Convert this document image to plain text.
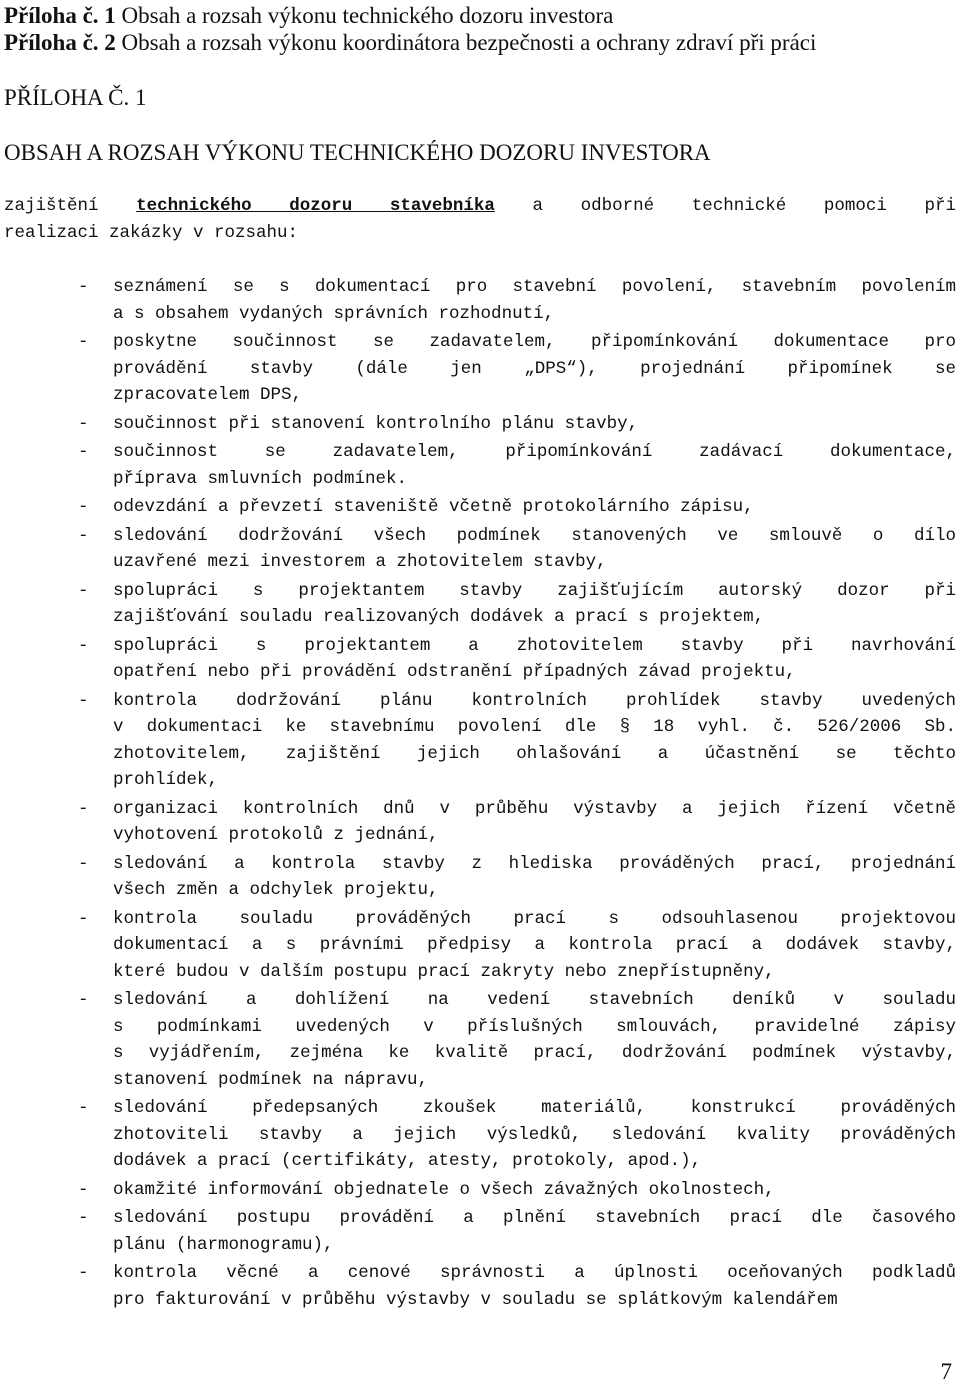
Příloha č. 1 Obsah a rozsah výkonu technického dozoru investora
Příloha č. 2 Obsah a rozsah výkonu koordinátora bezpečnosti a ochrany zdraví při práci
PŘÍLOHA Č. 1
OBSAH A ROZSAH VÝKONU TECHNICKÉHO DOZORU INVESTORA
zajištění technického dozoru stavebníka a odborné technické pomoci při
realizaci zakázky v rozsahu:
- seznámení se s dokumentací pro stavební povolení, stavebním povolením
a s obsahem vydaných správních rozhodnutí,
- poskytne součinnost se zadavatelem, připomínkování dokumentace pro
provádění stavby (dále jen „DPS“), projednání připomínek se
zpracovatelem DPS,
- součinnost při stanovení kontrolního plánu stavby,
- součinnost se zadavatelem, připomínkování zadávací dokumentace,
příprava smluvních podmínek.
- odevzdání a převzetí staveniště včetně protokolárního zápisu,
- sledování dodržování všech podmínek stanovených ve smlouvě o dílo
uzavřené mezi investorem a zhotovitelem stavby,
- spolupráci s projektantem stavby zajišťujícím autorský dozor při
zajišťování souladu realizovaných dodávek a prací s projektem,
- spolupráci s projektantem a zhotovitelem stavby při navrhování
opatření nebo při provádění odstranění případných závad projektu,
- kontrola dodržování plánu kontrolních prohlídek stavby uvedených
v dokumentaci ke stavebnímu povolení dle § 18 vyhl. č. 526/2006 Sb.
zhotovitelem, zajištění jejich ohlašování a účastnění se těchto
prohlídek,
- organizaci kontrolních dnů v průběhu výstavby a jejich řízení včetně
vyhotovení protokolů z jednání,
- sledování a kontrola stavby z hlediska prováděných prací, projednání
všech změn a odchylek projektu,
- kontrola souladu prováděných prací s odsouhlasenou projektovou
dokumentací a s právními předpisy a kontrola prací a dodávek stavby,
které budou v dalším postupu prací zakryty nebo znepřístupněny,
- sledování a dohlížení na vedení stavebních deníků v souladu
s podmínkami uvedených v příslušných smlouvách, pravidelné zápisy
s vyjádřením, zejména ke kvalitě prací, dodržování podmínek výstavby,
stanovení podmínek na nápravu,
- sledování předepsaných zkoušek materiálů, konstrukcí prováděných
zhotoviteli stavby a jejich výsledků, sledování kvality prováděných
dodávek a prací (certifikáty, atesty, protokoly, apod.),
- okamžité informování objednatele o všech závažných okolnostech,
- sledování postupu provádění a plnění stavebních prací dle časového
plánu (harmonogramu),
- kontrola věcné a cenové správnosti a úplnosti oceňovaných podkladů
pro fakturování v průběhu výstavby v souladu se splátkovým kalendářem
7
